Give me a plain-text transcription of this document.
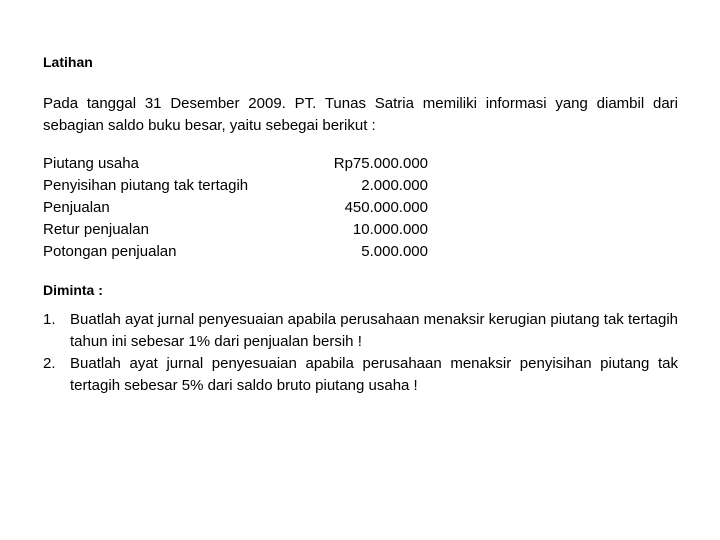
Latihan

Pada tanggal 31 Desember 2009. PT. Tunas Satria memiliki informasi yang diambil dari sebagian saldo buku besar, yaitu sebegai berikut :

Piutang usaha	Rp75.000.000
Penyisihan piutang tak tertagih	2.000.000
Penjualan	450.000.000
Retur penjualan	10.000.000
Potongan penjualan	5.000.000

Diminta :

1. Buatlah ayat jurnal penyesuaian apabila perusahaan menaksir kerugian piutang tak tertagih tahun ini sebesar 1% dari penjualan bersih !
2. Buatlah ayat jurnal penyesuaian apabila perusahaan menaksir penyisihan piutang tak tertagih sebesar 5% dari saldo bruto piutang usaha !
